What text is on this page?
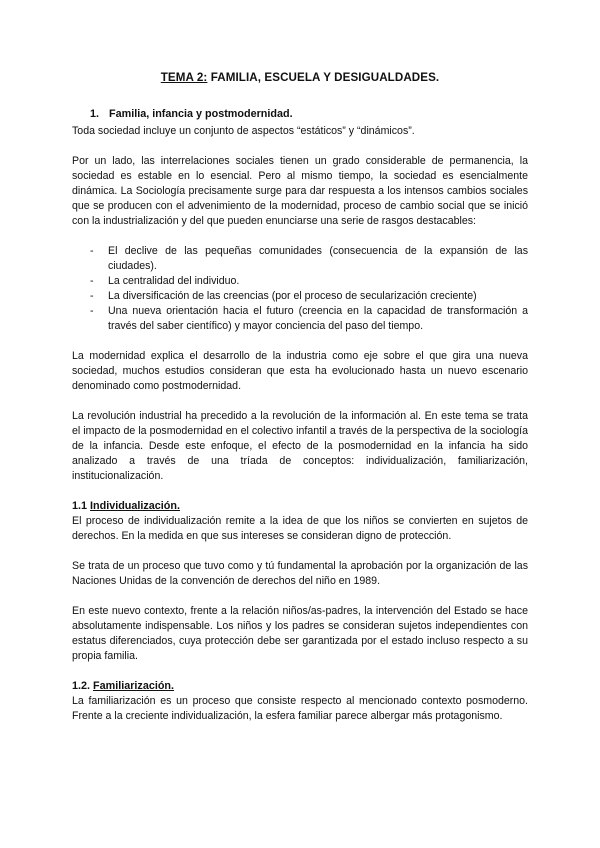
TEMA 2: FAMILIA, ESCUELA Y DESIGUALDADES.
1. Familia, infancia y postmodernidad.

Toda sociedad incluye un conjunto de aspectos “estáticos” y “dinámicos”.

Por un lado, las interrelaciones sociales tienen un grado considerable de permanencia, la sociedad es estable en lo esencial. Pero al mismo tiempo, la sociedad es esencialmente dinámica. La Sociología precisamente surge para dar respuesta a los intensos cambios sociales que se producen con el advenimiento de la modernidad, proceso de cambio social que se inició con la industrialización y del que pueden enunciarse una serie de rasgos destacables:

- El declive de las pequeñas comunidades (consecuencia de la expansión de las ciudades).
- La centralidad del individuo.
- La diversificación de las creencias (por el proceso de secularización creciente)
- Una nueva orientación hacia el futuro (creencia en la capacidad de transformación a través del saber científico) y mayor conciencia del paso del tiempo.

La modernidad explica el desarrollo de la industria como eje sobre el que gira una nueva sociedad, muchos estudios consideran que esta ha evolucionado hasta un nuevo escenario denominado como postmodernidad.

La revolución industrial ha precedido a la revolución de la información al. En este tema se trata el impacto de la posmodernidad en el colectivo infantil a través de la perspectiva de la sociología de la infancia. Desde este enfoque, el efecto de la posmodernidad en la infancia ha sido analizado a través de una tríada de conceptos: individualización, familiarización, institucionalización.

1.1 Individualización.

El proceso de individualización remite a la idea de que los niños se convierten en sujetos de derechos. En la medida en que sus intereses se consideran digno de protección.

Se trata de un proceso que tuvo como y tú fundamental la aprobación por la organización de las Naciones Unidas de la convención de derechos del niño en 1989.

En este nuevo contexto, frente a la relación niños/as-padres, la intervención del Estado se hace absolutamente indispensable. Los niños y los padres se consideran sujetos independientes con estatus diferenciados, cuya protección debe ser garantizada por el estado incluso respecto a su propia familia.

1.2. Familiarización.

La familiarización es un proceso que consiste respecto al mencionado contexto posmoderno. Frente a la creciente individualización, la esfera familiar parece albergar más protagonismo.
